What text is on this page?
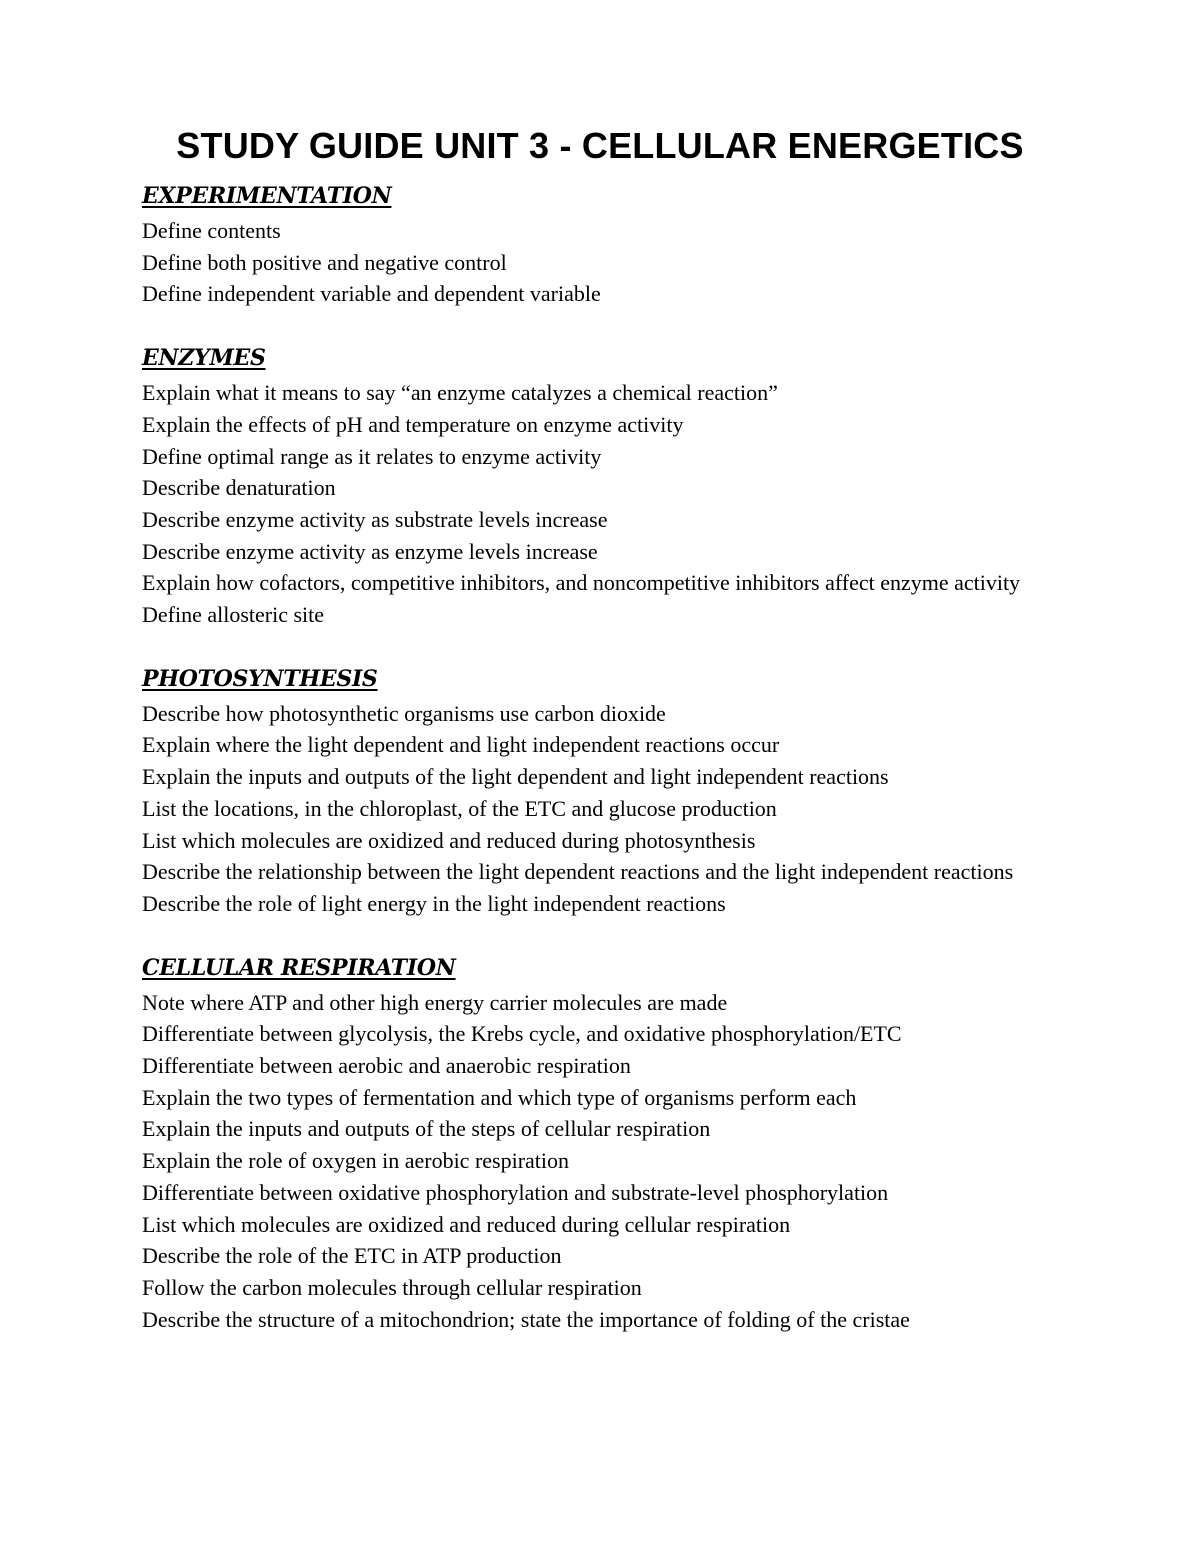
STUDY GUIDE UNIT 3 - CELLULAR ENERGETICS
EXPERIMENTATION
Define contents
Define both positive and negative control
Define independent variable and dependent variable
ENZYMES
Explain what it means to say “an enzyme catalyzes a chemical reaction”
Explain the effects of pH and temperature on enzyme activity
Define optimal range as it relates to enzyme activity
Describe denaturation
Describe enzyme activity as substrate levels increase
Describe enzyme activity as enzyme levels increase
Explain how cofactors, competitive inhibitors, and noncompetitive inhibitors affect enzyme activity
Define allosteric site
PHOTOSYNTHESIS
Describe how photosynthetic organisms use carbon dioxide
Explain where the light dependent and light independent reactions occur
Explain the inputs and outputs of the light dependent and light independent reactions
List the locations, in the chloroplast, of the ETC and glucose production
List which molecules are oxidized and reduced during photosynthesis
Describe the relationship between the light dependent reactions and the light independent reactions
Describe the role of light energy in the light independent reactions
CELLULAR RESPIRATION
Note where ATP and other high energy carrier molecules are made
Differentiate between glycolysis, the Krebs cycle, and oxidative phosphorylation/ETC
Differentiate between aerobic and anaerobic respiration
Explain the two types of fermentation and which type of organisms perform each
Explain the inputs and outputs of the steps of cellular respiration
Explain the role of oxygen in aerobic respiration
Differentiate between oxidative phosphorylation and substrate-level phosphorylation
List which molecules are oxidized and reduced during cellular respiration
Describe the role of the ETC in ATP production
Follow the carbon molecules through cellular respiration
Describe the structure of a mitochondrion; state the importance of folding of the cristae
